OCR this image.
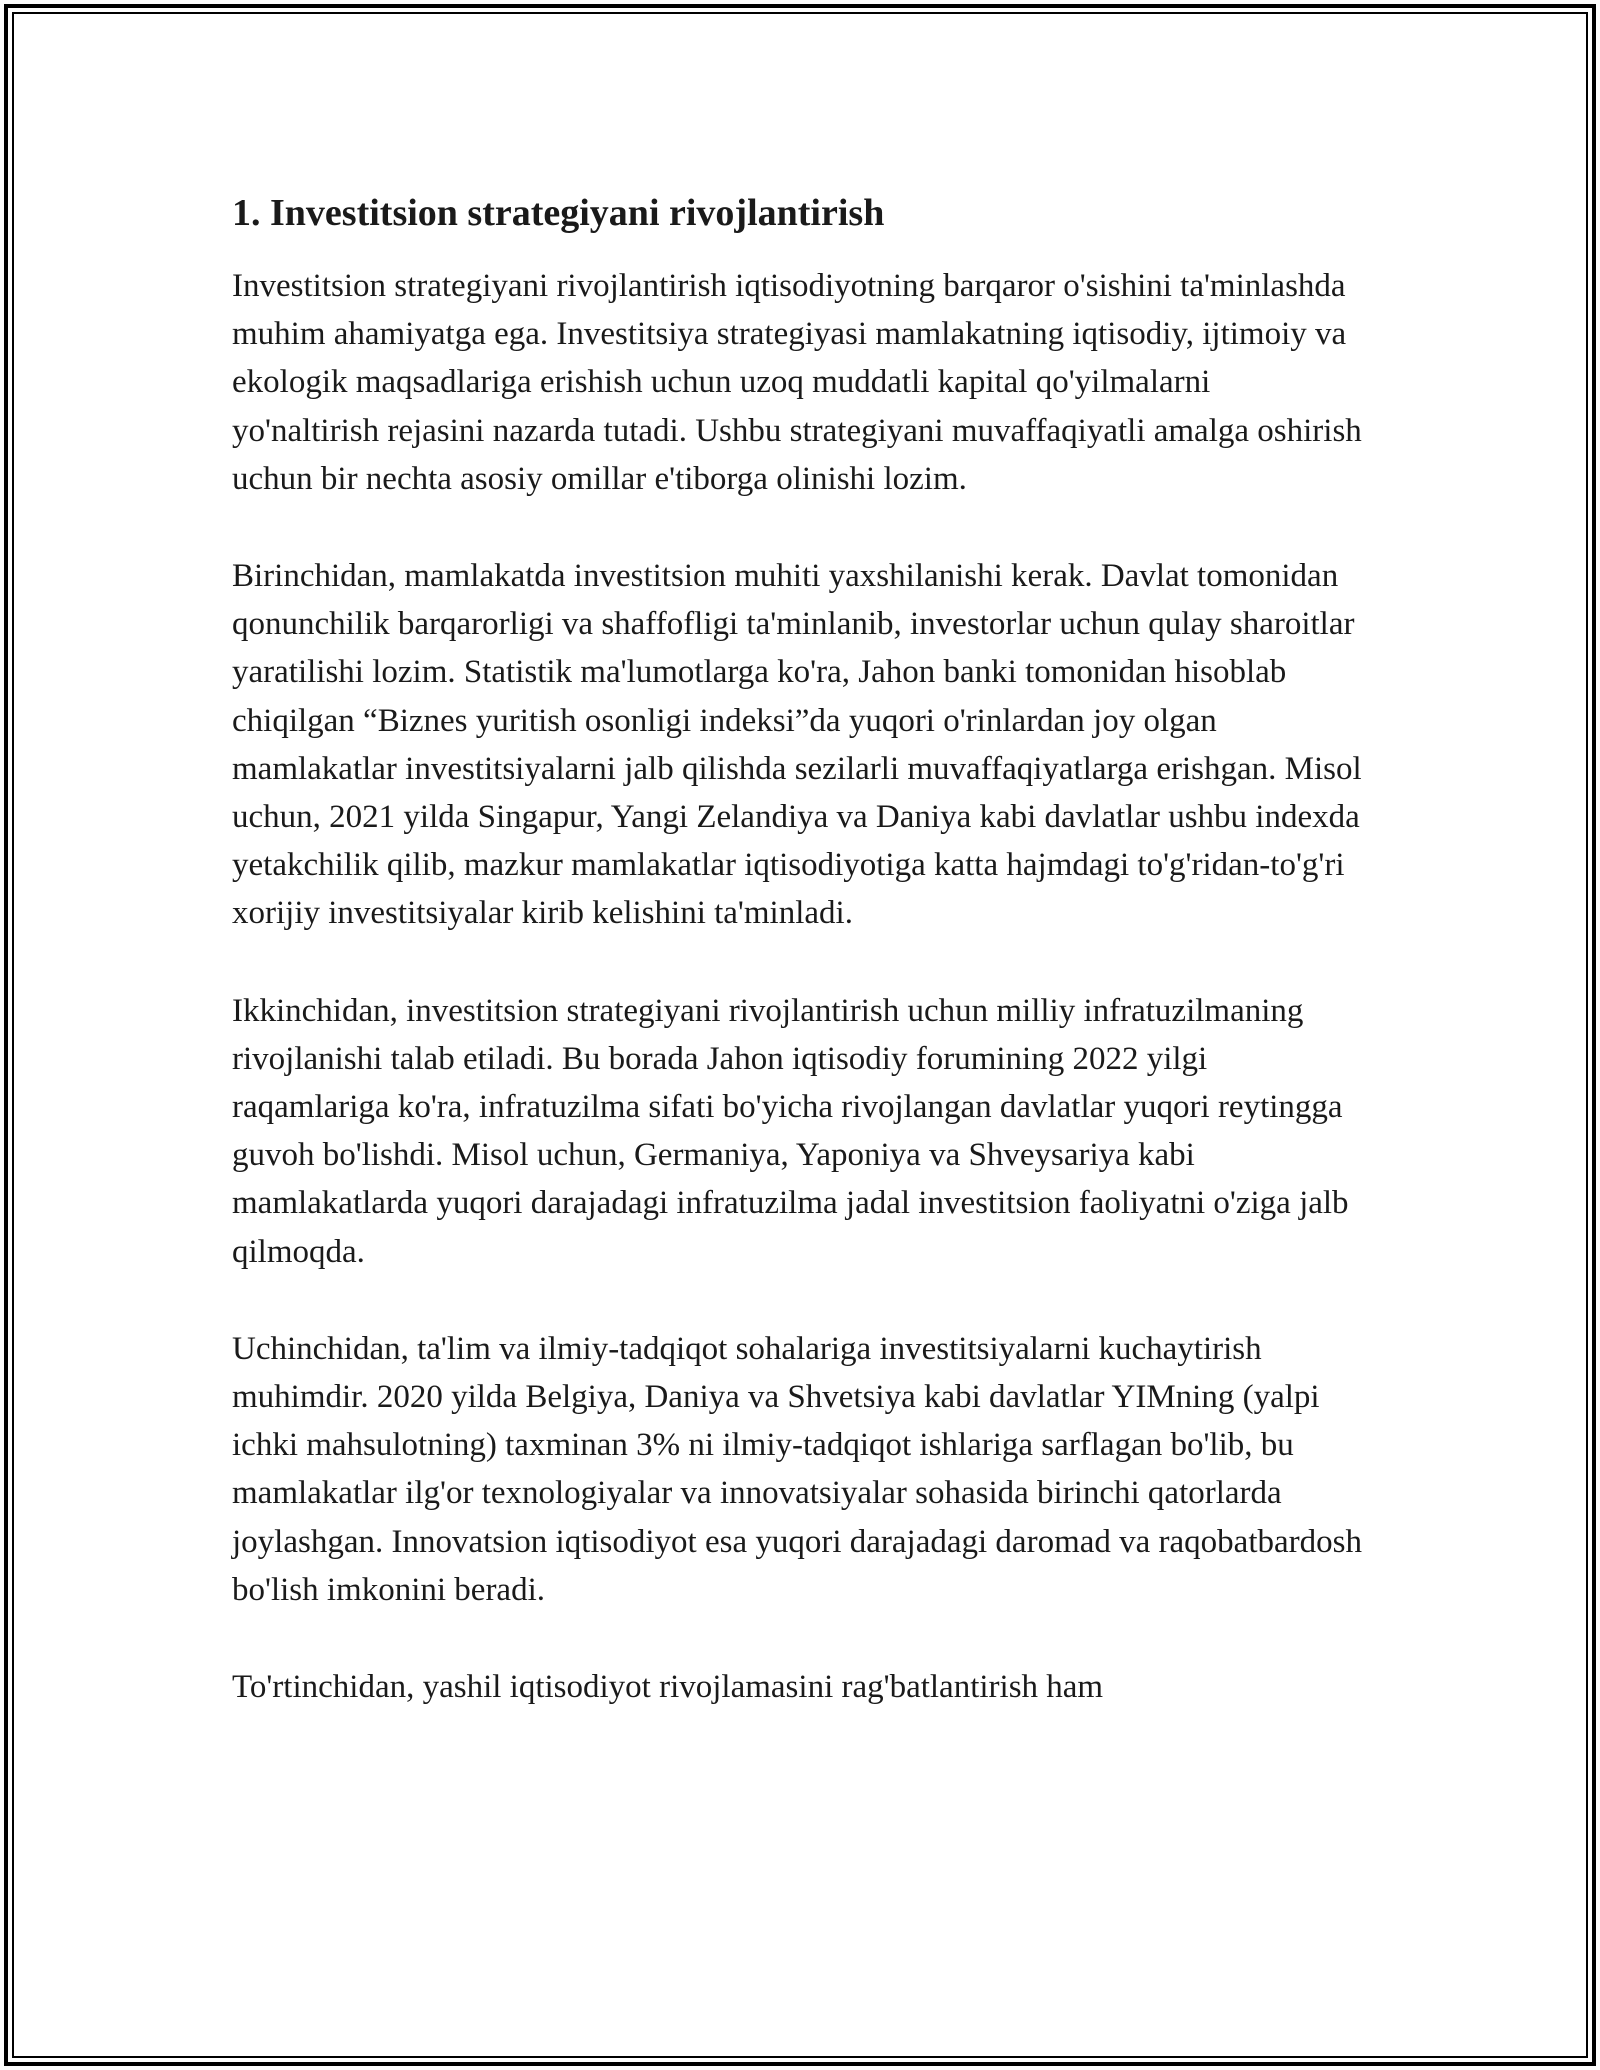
1. Investitsion strategiyani rivojlantirish

Investitsion strategiyani rivojlantirish iqtisodiyotning barqaror o'sishini ta'minlashda muhim ahamiyatga ega. Investitsiya strategiyasi mamlakatning iqtisodiy, ijtimoiy va ekologik maqsadlariga erishish uchun uzoq muddatli kapital qo'yilmalarni yo'naltirish rejasini nazarda tutadi. Ushbu strategiyani muvaffaqiyatli amalga oshirish uchun bir nechta asosiy omillar e'tiborga olinishi lozim.

Birinchidan, mamlakatda investitsion muhiti yaxshilanishi kerak. Davlat tomonidan qonunchilik barqarorligi va shaffofligi ta'minlanib, investorlar uchun qulay sharoitlar yaratilishi lozim. Statistik ma'lumotlarga ko'ra, Jahon banki tomonidan hisoblab chiqilgan “Biznes yuritish osonligi indeksi”da yuqori o'rinlardan joy olgan mamlakatlar investitsiyalarni jalb qilishda sezilarli muvaffaqiyatlarga erishgan. Misol uchun, 2021 yilda Singapur, Yangi Zelandiya va Daniya kabi davlatlar ushbu indexda yetakchilik qilib, mazkur mamlakatlar iqtisodiyotiga katta hajmdagi to'g'ridan-to'g'ri xorijiy investitsiyalar kirib kelishini ta'minladi.

Ikkinchidan, investitsion strategiyani rivojlantirish uchun milliy infratuzilmaning rivojlanishi talab etiladi. Bu borada Jahon iqtisodiy forumining 2022 yilgi raqamlariga ko'ra, infratuzilma sifati bo'yicha rivojlangan davlatlar yuqori reytingga guvoh bo'lishdi. Misol uchun, Germaniya, Yaponiya va Shveysariya kabi mamlakatlarda yuqori darajadagi infratuzilma jadal investitsion faoliyatni o'ziga jalb qilmoqda.

Uchinchidan, ta'lim va ilmiy-tadqiqot sohalariga investitsiyalarni kuchaytirish muhimdir. 2020 yilda Belgiya, Daniya va Shvetsiya kabi davlatlar YIMning (yalpi ichki mahsulotning) taxminan 3% ni ilmiy-tadqiqot ishlariga sarflagan bo'lib, bu mamlakatlar ilg'or texnologiyalar va innovatsiyalar sohasida birinchi qatorlarda joylashgan. Innovatsion iqtisodiyot esa yuqori darajadagi daromad va raqobatbardosh bo'lish imkonini beradi.

To'rtinchidan, yashil iqtisodiyot rivojlamasini rag'batlantirish ham
